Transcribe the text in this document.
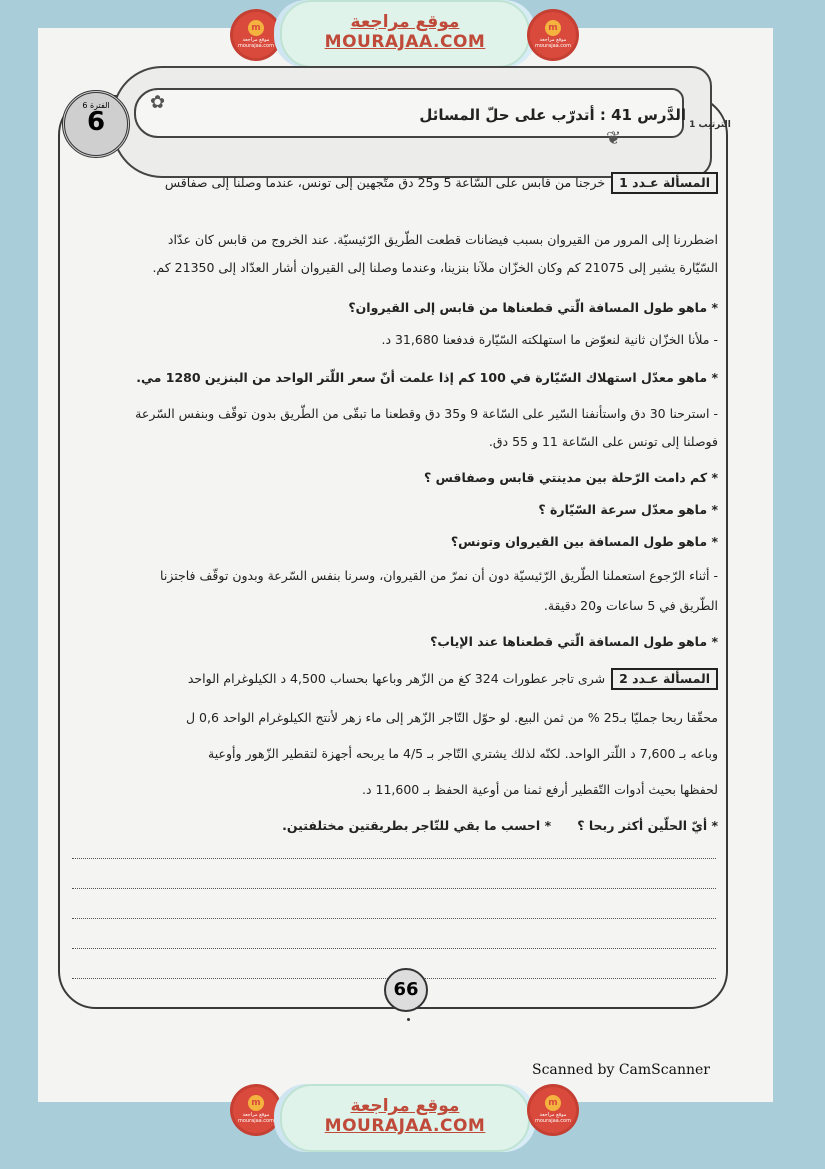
m
موقع مراجعة mourajaa.com
موقع مراجعة
MOURAJAA.COM
m
موقع مراجعة mourajaa.com
الدَّرس 41 : أتدرّب على حلّ المسائل
الفترة 6
6	الترتيب 1
✿
❦

المسألة عـدد 1خرجنا من قابس على السّاعة 5 و25 دق متّجهين إلى تونس، عندما وصلنا إلى صفاقس

اضطررنا إلى المرور من القيروان بسبب فيضانات قطعت الطّريق الرّئيسيّة. عند الخروج من قابس كان عدّاد

السّيّارة يشير إلى 21075 كم وكان الخزّان ملآنا بنزينا، وعندما وصلنا إلى القيروان أشار العدّاد إلى 21350 كم.

* ماهو طول المسافة الّتي قطعناها من قابس إلى القيروان؟

- ملأنا الخزّان ثانية لنعوّض ما استهلكته السّيّارة فدفعنا 31,680 د.

* ماهو معدّل استهلاك السّيّارة في 100 كم إذا علمت أنّ سعر اللّتر الواحد من البنزين 1280 مي.

- استرحنا 30 دق واستأنفنا السّير على السّاعة 9 و35 دق وقطعنا ما تبقّى من الطّريق بدون توقّف وبنفس السّرعة

فوصلنا إلى تونس على السّاعة 11 و 55 دق.

* كم دامت الرّحلة بين مدينتي قابس وصفاقس ؟

* ماهو معدّل سرعة السّيّارة ؟

* ماهو طول المسافة بين القيروان وتونس؟

- أثناء الرّجوع استعملنا الطّريق الرّئيسيّة دون أن نمرّ من القيروان، وسرنا بنفس السّرعة وبدون توقّف فاجتزنا

الطّريق في 5 ساعات و20 دقيقة.

* ماهو طول المسافة الّتي قطعناها عند الإياب؟

المسألة عـدد 2شرى تاجر عطورات 324 كغ من الزّهر وباعها بحساب 4,500 د الكيلوغرام الواحد

محقّقا ربحا جمليّا بـ25 % من ثمن البيع. لو حوّل التّاجر الزّهر إلى ماء زهر لأنتج الكيلوغرام الواحد 0,6 ل

وباعه بـ 7,600 د اللّتر الواحد. لكنّه لذلك يشتري التّاجر بـ 4/5 ما يربحه أجهزة لتقطير الزّهور وأوعية

لحفظها بحيث أدوات التّقطير أرفع ثمنا من أوعية الحفظ بـ 11,600 د.

* أيّ الحلّين أكثر ربحا ؟      * احسب ما بقي للتّاجر بطريقتين مختلفتين.

66
Scanned by CamScanner
m
موقع مراجعة mourajaa.com
موقع مراجعة
MOURAJAA.COM
m
موقع مراجعة mourajaa.com
